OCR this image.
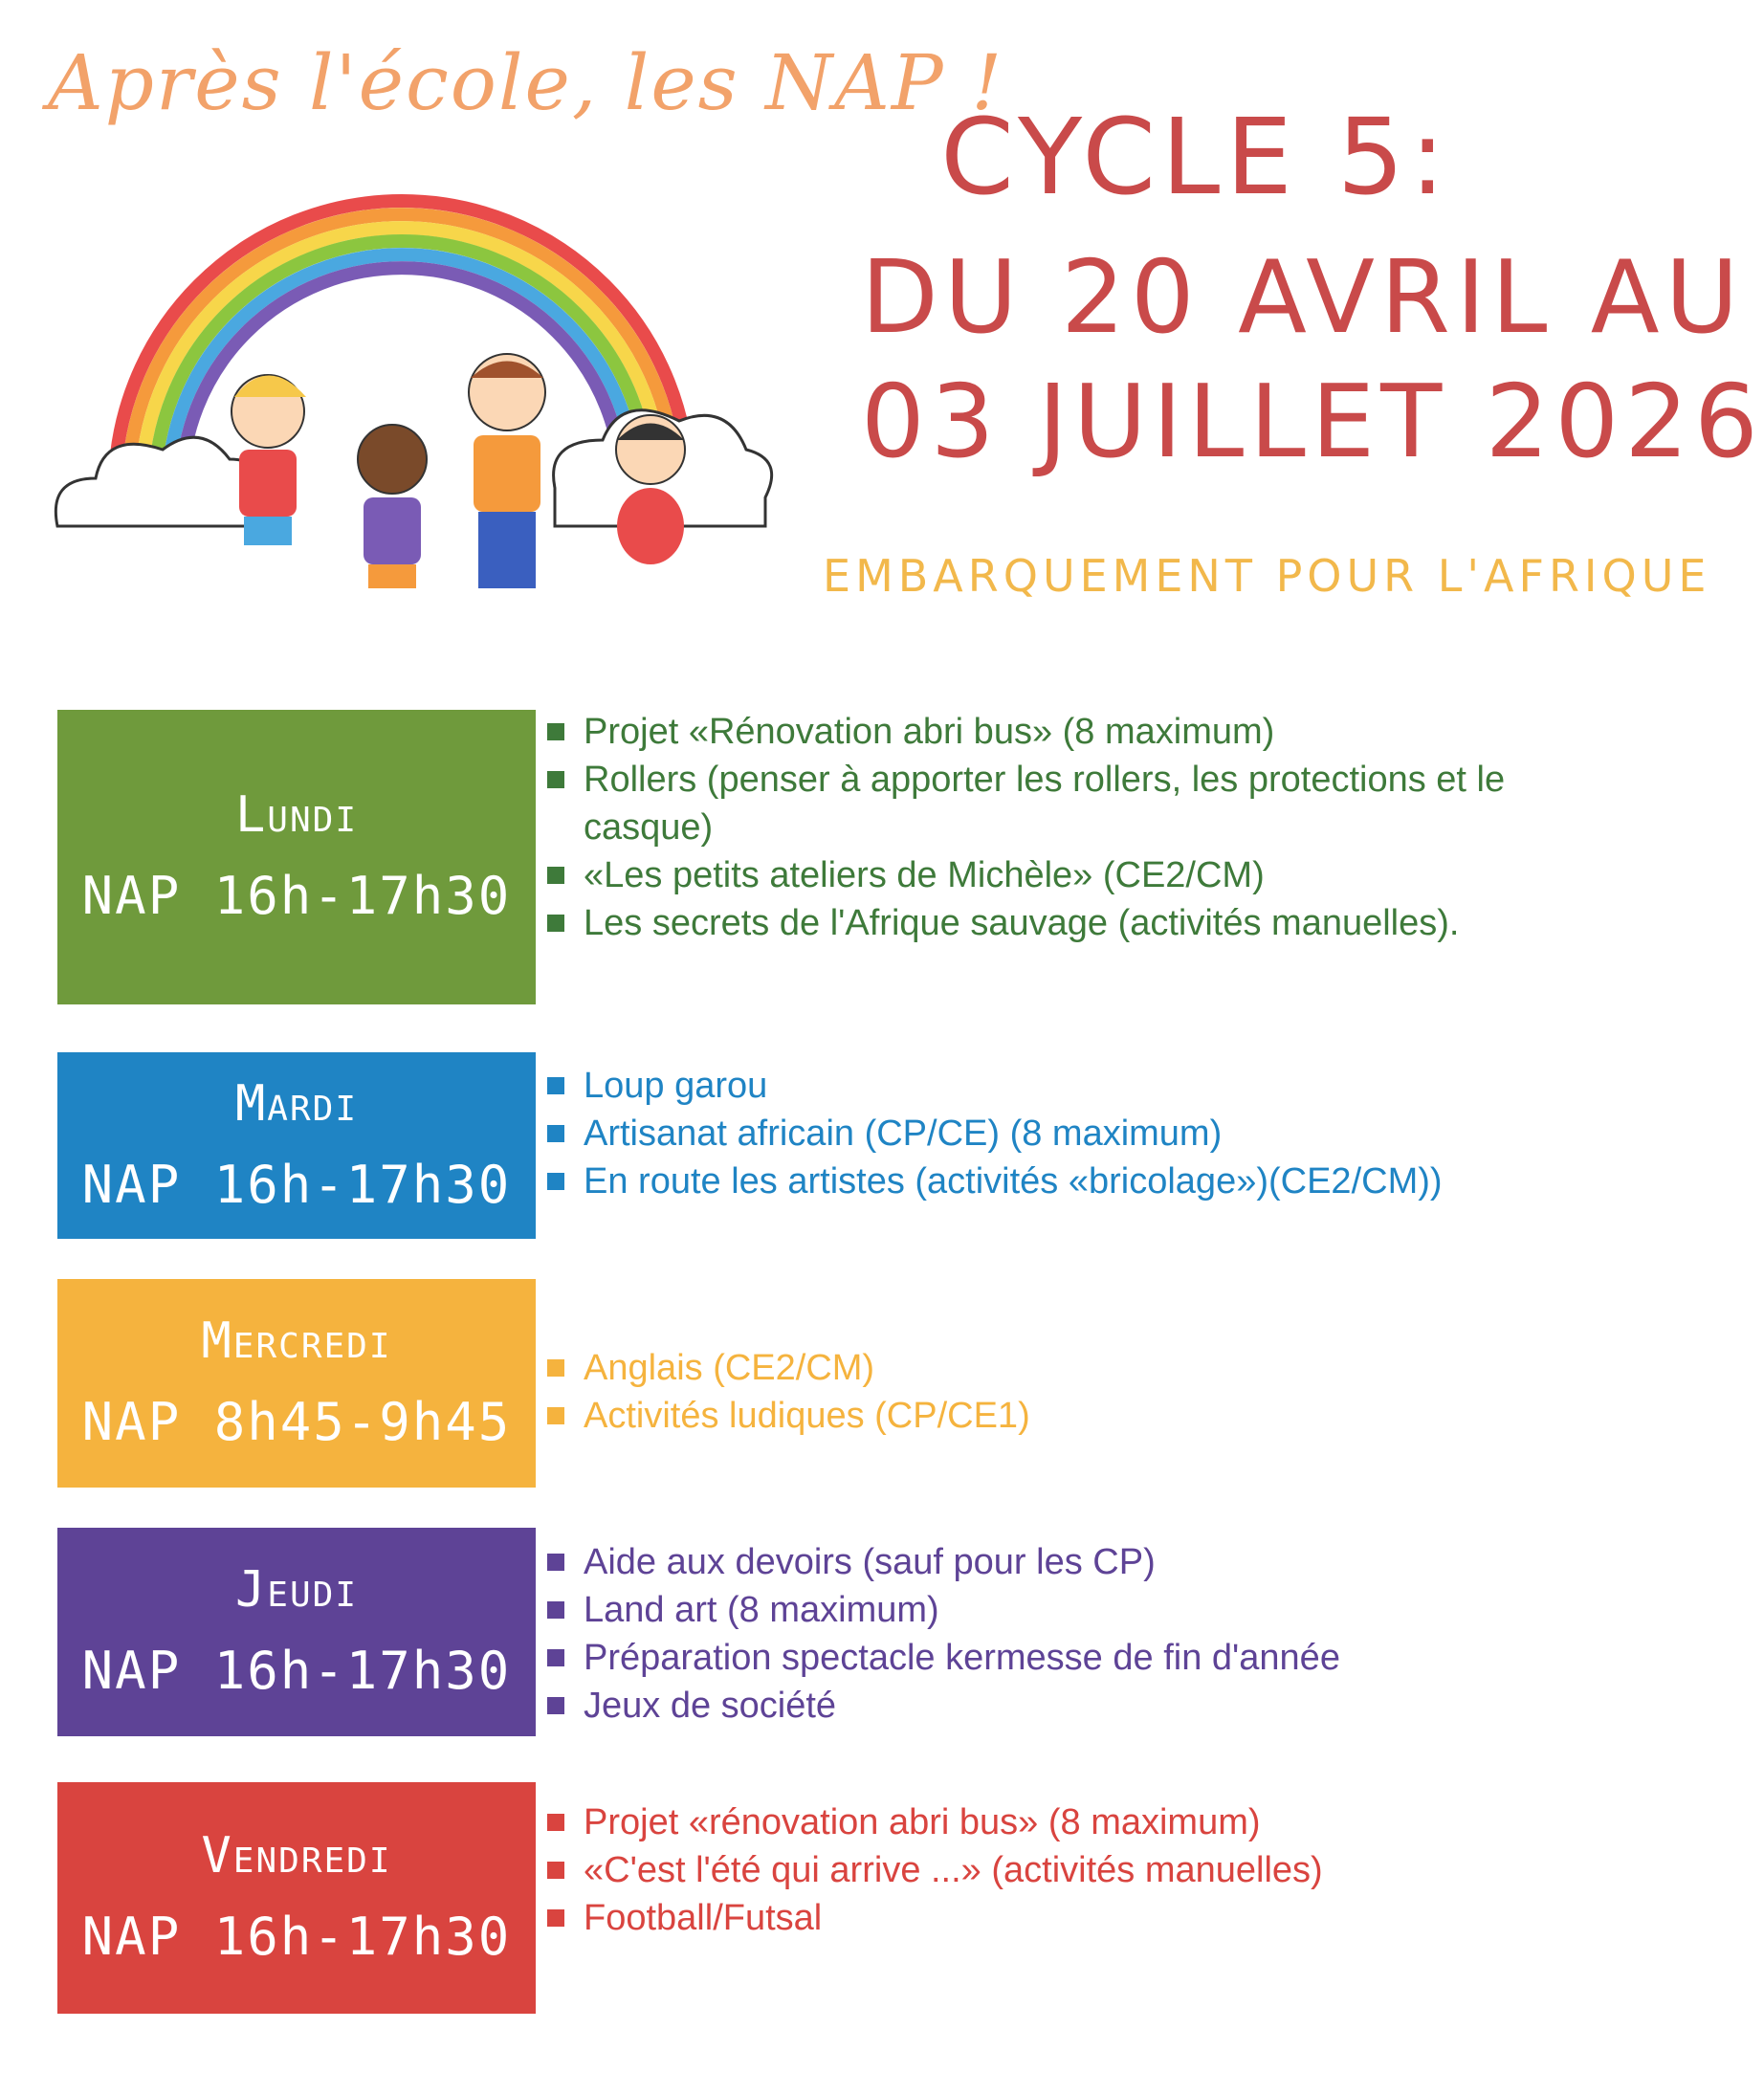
Après l'école, les NAP !
CYCLE 5:
DU 20 AVRIL AU
03 JUILLET 2026
EMBARQUEMENT POUR L'AFRIQUE
Lundi
NAP 16h-17h30
Projet «Rénovation abri bus» (8 maximum)
Rollers (penser à apporter les rollers, les protections et le casque)
«Les petits ateliers de Michèle» (CE2/CM)
Les secrets de l'Afrique sauvage (activités manuelles).
Mardi
NAP 16h-17h30
Loup garou
Artisanat africain (CP/CE) (8 maximum)
En route les artistes (activités «bricolage»)(CE2/CM))
Mercredi
NAP 8h45-9h45
Anglais (CE2/CM)
Activités ludiques (CP/CE1)
Jeudi
NAP 16h-17h30
Aide aux devoirs (sauf pour les CP)
Land art (8 maximum)
Préparation spectacle kermesse de fin d'année
Jeux de société
Vendredi
NAP 16h-17h30
Projet «rénovation abri bus» (8 maximum)
«C'est l'été qui arrive ...» (activités manuelles)
Football/Futsal
